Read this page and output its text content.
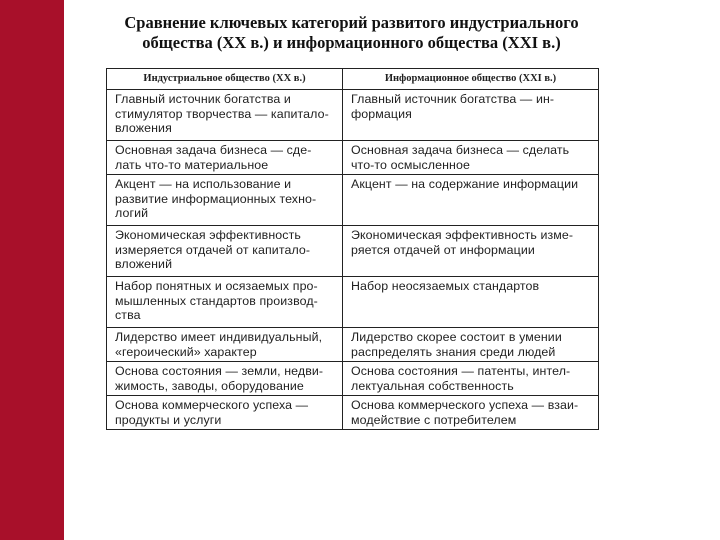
Сравнение ключевых категорий развитого индустриального
общества (ХХ в.) и информационного общества (XXI в.)
Индустриальное общество (ХХ в.)	Информационное общество (XXI в.)
Главный источник богатства и стимулятор творчества — капитало-вложения	Главный источник богатства — ин-формация
Основная задача бизнеса — сде-лать что-то материальное	Основная задача бизнеса — сделать что-то осмысленное
Акцент — на использование и развитие информационных техно-логий	Акцент — на содержание информации
Экономическая эффективность измеряется отдачей от капитало-вложений	Экономическая эффективность изме-ряется отдачей от информации
Набор понятных и осязаемых про-мышленных стандартов производ-ства	Набор неосязаемых стандартов
Лидерство имеет индивидуальный, «героический» характер	Лидерство скорее состоит в умении распределять знания среди людей
Основа состояния — земли, недви-жимость, заводы, оборудование	Основа состояния — патенты, интел-лектуальная собственность
Основа коммерческого успеха — продукты и услуги	Основа коммерческого успеха — взаи-модействие с потребителем
